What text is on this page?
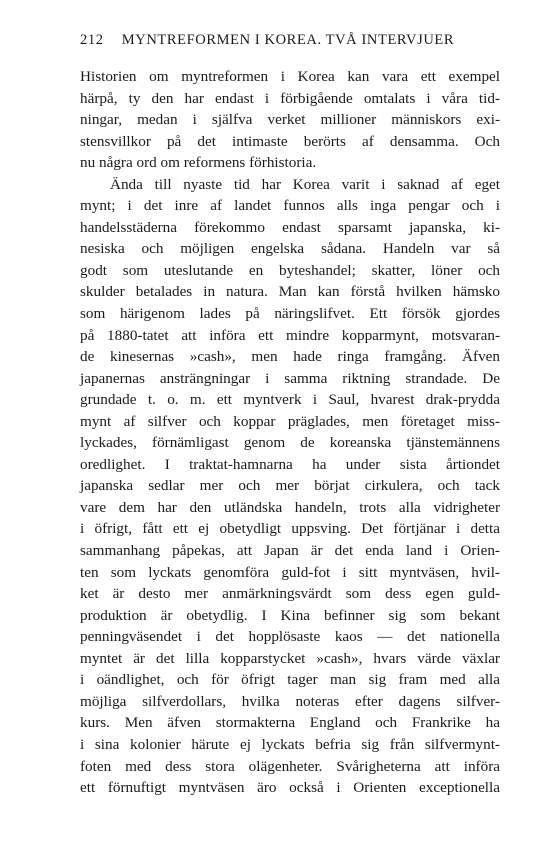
212 MYNTREFORMEN I KOREA. TVÅ INTERVJUER
Historien om myntreformen i Korea kan vara ett exempel
härpå, ty den har endast i förbigående omtalats i våra tid-
ningar, medan i själfva verket millioner människors exi-
stensvillkor på det intimaste berörts af densamma. Och
nu några ord om reformens förhistoria.
Ända till nyaste tid har Korea varit i saknad af eget
mynt; i det inre af landet funnos alls inga pengar och i
handelsstäderna förekommo endast sparsamt japanska, ki-
nesiska och möjligen engelska sådana. Handeln var så
godt som uteslutande en byteshandel; skatter, löner och
skulder betalades in natura. Man kan förstå hvilken hämsko
som härigenom lades på näringslifvet. Ett försök gjordes
på 1880-tatet att införa ett mindre kopparmynt, motsvaran-
de kinesernas »cash», men hade ringa framgång. Äfven
japanernas ansträngningar i samma riktning strandade. De
grundade t. o. m. ett myntverk i Saul, hvarest drak-prydda
mynt af silfver och koppar präglades, men företaget miss-
lyckades, förnämligast genom de koreanska tjänstemännens
oredlighet. I traktat-hamnarna ha under sista årtiondet
japanska sedlar mer och mer börjat cirkulera, och tack
vare dem har den utländska handeln, trots alla vidrigheter
i öfrigt, fått ett ej obetydligt uppsving. Det förtjänar i detta
sammanhang påpekas, att Japan är det enda land i Orien-
ten som lyckats genomföra guld-fot i sitt myntväsen, hvil-
ket är desto mer anmärkningsvärdt som dess egen guld-
produktion är obetydlig. I Kina befinner sig som bekant
penningväsendet i det hopplösaste kaos — det nationella
myntet är det lilla kopparstycket »cash», hvars värde växlar
i oändlighet, och för öfrigt tager man sig fram med alla
möjliga silfverdollars, hvilka noteras efter dagens silfver-
kurs. Men äfven stormakterna England och Frankrike ha
i sina kolonier härute ej lyckats befria sig från silfvermynt-
foten med dess stora olägenheter. Svårigheterna att införa
ett förnuftigt myntväsen äro också i Orienten exceptionella
